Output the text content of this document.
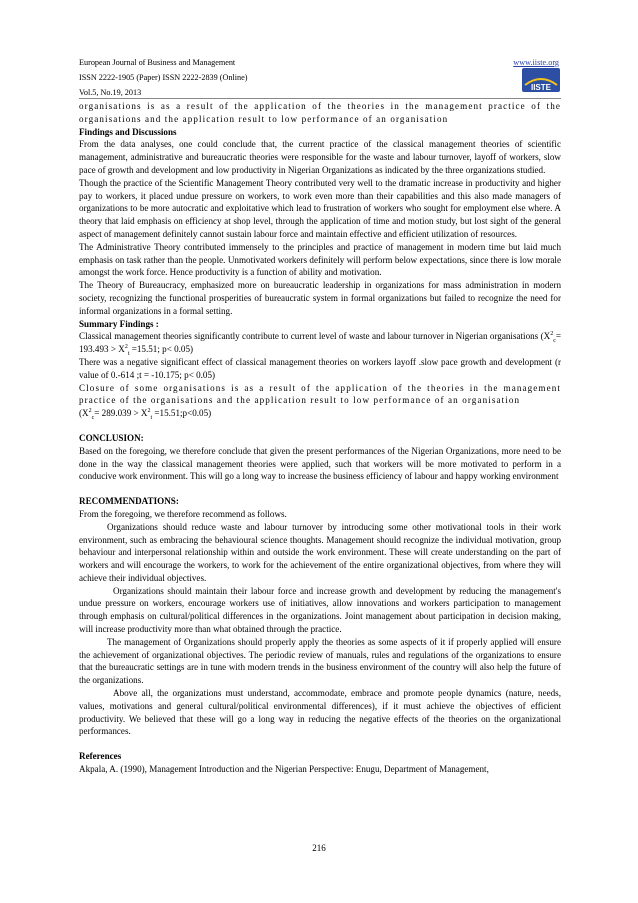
European Journal of Business and Management
ISSN 2222-1905 (Paper) ISSN 2222-2839 (Online)
Vol.5, No.19, 2013
www.iiste.org
IISTE

organisations is as a result of the application of the theories in the management practice of the organisations and the application result to low performance of an organisation

Findings and Discussions

From the data analyses, one could conclude that, the current practice of the classical management theories of scientific management, administrative and bureaucratic theories were responsible for the waste and labour turnover, layoff of workers, slow pace of growth and development and low productivity in Nigerian Organizations as indicated by the three organizations studied.

Though the practice of the Scientific Management Theory contributed very well to the dramatic increase in productivity and higher pay to workers, it placed undue pressure on workers, to work even more than their capabilities and this also made managers of organizations to be more autocratic and exploitative which lead to frustration of workers who sought for employment else where. A theory that laid emphasis on efficiency at shop level, through the application of time and motion study, but lost sight of the general aspect of management definitely cannot sustain labour force and maintain effective and efficient utilization of resources.

The Administrative Theory contributed immensely to the principles and practice of management in modern time but laid much emphasis on task rather than the people. Unmotivated workers definitely will perform below expectations, since there is low morale amongst the work force. Hence productivity is a function of ability and motivation.

The Theory of Bureaucracy, emphasized more on bureaucratic leadership in organizations for mass administration in modern society, recognizing the functional prosperities of bureaucratic system in formal organizations but failed to recognize the need for informal organizations in a formal setting.

Summary Findings :

Classical management theories significantly contribute to current level of waste and labour turnover in Nigerian organisations ($X^2_c= 193.493 > X^2_t =15.51$; p< 0.05)

There was a negative significant effect of classical management theories on workers layoff .slow pace growth and development (r value of 0.-614 ;t = -10.175; p< 0.05)

Closure of some organisations is as a result of the application of the theories in the management practice of the organisations and the application result to low performance of an organisation
($X^2_c= 289.039 > X^2_t$ =15.51;p<0.05)

CONCLUSION:

Based on the foregoing, we therefore conclude that given the present performances of the Nigerian Organizations, more need to be done in the way the classical management theories were applied, such that workers will be more motivated to perform in a conducive work environment. This will go a long way to increase the business efficiency of labour and happy working environment

RECOMMENDATIONS:

From the foregoing, we therefore recommend as follows.

Organizations should reduce waste and labour turnover by introducing some other motivational tools in their work environment, such as embracing the behavioural science thoughts. Management should recognize the individual motivation, group behaviour and interpersonal relationship within and outside the work environment. These will create understanding on the part of workers and will encourage the workers, to work for the achievement of the entire organizational objectives, from where they will achieve their individual objectives.

Organizations should maintain their labour force and increase growth and development by reducing the management's undue pressure on workers, encourage workers use of initiatives, allow innovations and workers participation to management through emphasis on cultural/political differences in the organizations. Joint management about participation in decision making, will increase productivity more than what obtained through the practice.

The management of Organizations should properly apply the theories as some aspects of it if properly applied will ensure the achievement of organizational objectives. The periodic review of manuals, rules and regulations of the organizations to ensure that the bureaucratic settings are in tune with modern trends in the business environment of the country will also help the future of the organizations.

Above all, the organizations must understand, accommodate, embrace and promote people dynamics (nature, needs, values, motivations and general cultural/political environmental differences), if it must achieve the objectives of efficient productivity. We believed that these will go a long way in reducing the negative effects of the theories on the organizational performances.

References

Akpala, A. (1990), Management Introduction and the Nigerian Perspective: Enugu, Department of Management,

216
